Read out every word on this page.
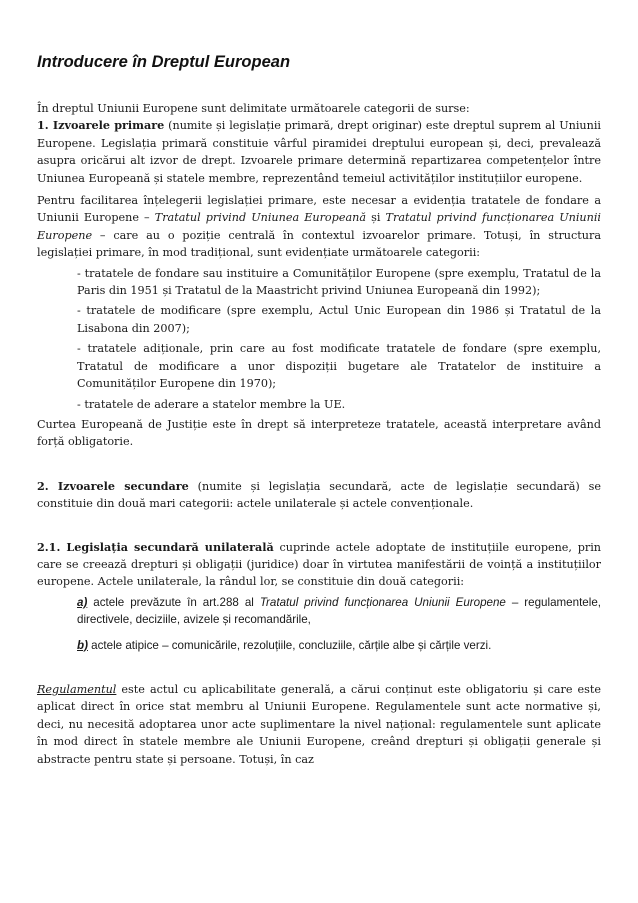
Introducere în Dreptul European

În dreptul Uniunii Europene sunt delimitate următoarele categorii de surse:

1. Izvoarele primare (numite și legislație primară, drept originar) este dreptul suprem al Uniunii Europene. Legislația primară constituie vârful piramidei dreptului european și, deci, prevalează asupra oricărui alt izvor de drept. Izvoarele primare determină repartizarea competențelor între Uniunea Europeană și statele membre, reprezentând temeiul activităților instituțiilor europene.

Pentru facilitarea înțelegerii legislației primare, este necesar a evidenția tratatele de fondare a Uniunii Europene – Tratatul privind Uniunea Europeană și Tratatul privind funcționarea Uniunii Europene – care au o poziție centrală în contextul izvoarelor primare. Totuși, în structura legislației primare, în mod tradițional, sunt evidențiate următoarele categorii:

- tratatele de fondare sau instituire a Comunităților Europene (spre exemplu, Tratatul de la Paris din 1951 și Tratatul de la Maastricht privind Uniunea Europeană din 1992);
- tratatele de modificare (spre exemplu, Actul Unic European din 1986 și Tratatul de la Lisabona din 2007);
- tratatele adiționale, prin care au fost modificate tratatele de fondare (spre exemplu, Tratatul de modificare a unor dispoziții bugetare ale Tratatelor de instituire a Comunităților Europene din 1970);
- tratatele de aderare a statelor membre la UE.

Curtea Europeană de Justiție este în drept să interpreteze tratatele, această interpretare având forță obligatorie.

2. Izvoarele secundare (numite și legislația secundară, acte de legislație secundară) se constituie din două mari categorii: actele unilaterale și actele convenționale.

2.1. Legislația secundară unilaterală cuprinde actele adoptate de instituțiile europene, prin care se creează drepturi și obligații (juridice) doar în virtutea manifestării de voință a instituțiilor europene. Actele unilaterale, la rândul lor, se constituie din două categorii:

a) actele prevăzute în art.288 al Tratatul privind funcționarea Uniunii Europene – regulamentele, directivele, deciziile, avizele și recomandările,
b) actele atipice – comunicările, rezoluțiile, concluziile, cărțile albe și cărțile verzi.

Regulamentul este actul cu aplicabilitate generală, a cărui conținut este obligatoriu și care este aplicat direct în orice stat membru al Uniunii Europene. Regulamentele sunt acte normative și, deci, nu necesită adoptarea unor acte suplimentare la nivel național: regulamentele sunt aplicate în mod direct în statele membre ale Uniunii Europene, creând drepturi și obligații generale și abstracte pentru state și persoane. Totuși, în caz
